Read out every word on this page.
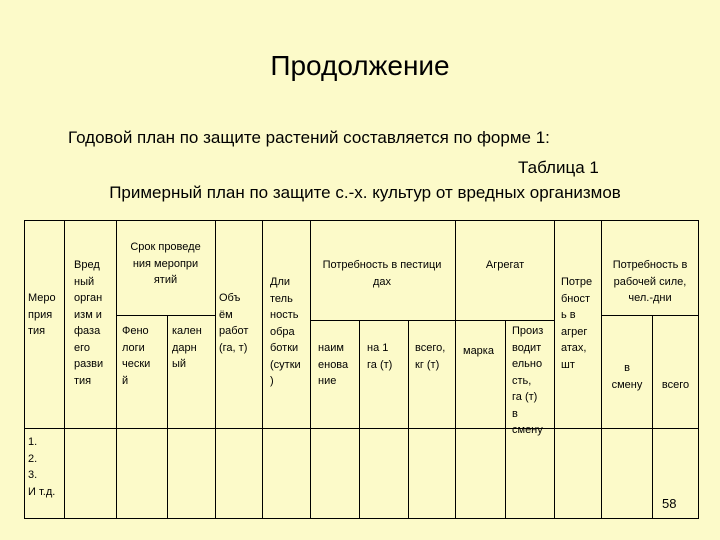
Продолжение
Годовой план по защите растений составляется по форме 1:
Таблица 1
Примерный план по защите с.-х. культур от вредных организмов
Меро
прия
тия
Вред
ный
орган
изм и
фаза
его
разви
тия
Срок проведе
ния меропри
ятий
Фено
логи
чески
й
кален
дарн
ый
Объ
ём
работ
(га, т)
Дли
тель
ность
обра
ботки
(сутки
)
Потребность в пестици
дах
наим
енова
ние
на 1
га (т)
всего,
кг (т)
Агрегат
марка
Произ
водит
ельно
сть,
га (т)
в
смену
Потре
бност
ь в
агрег
атах,
шт
Потребность в
рабочей силе,
чел.-дни
в
смену	всего
1.
2.
3.
И т.д.
58
